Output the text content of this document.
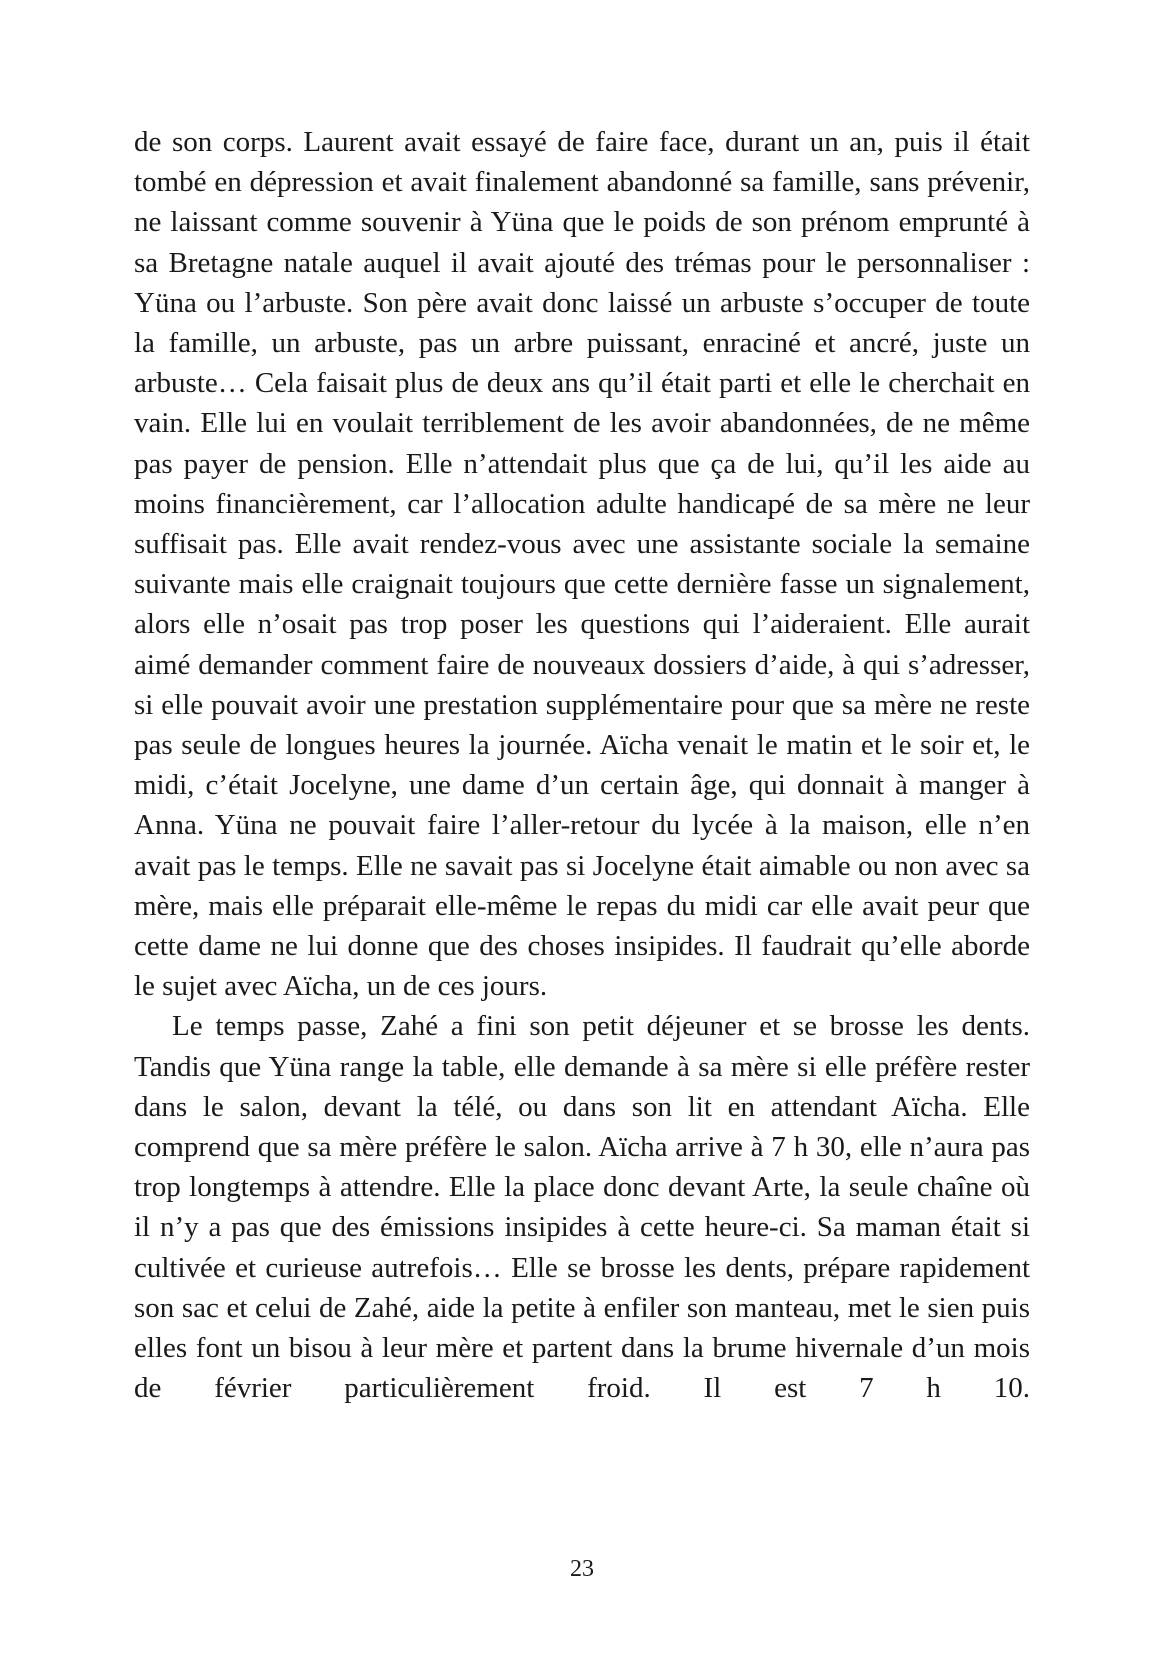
de son corps. Laurent avait essayé de faire face, durant un an, puis il était tombé en dépression et avait finalement abandonné sa famille, sans prévenir, ne laissant comme souvenir à Yüna que le poids de son prénom emprunté à sa Bretagne natale auquel il avait ajouté des trémas pour le personnaliser : Yüna ou l’arbuste. Son père avait donc laissé un arbuste s’occuper de toute la famille, un arbuste, pas un arbre puissant, enraciné et ancré, juste un arbuste… Cela faisait plus de deux ans qu’il était parti et elle le cherchait en vain. Elle lui en voulait terriblement de les avoir abandonnées, de ne même pas payer de pension. Elle n’attendait plus que ça de lui, qu’il les aide au moins financièrement, car l’allocation adulte handicapé de sa mère ne leur suffisait pas. Elle avait rendez-vous avec une assistante sociale la semaine suivante mais elle craignait toujours que cette dernière fasse un signalement, alors elle n’osait pas trop poser les questions qui l’aideraient. Elle aurait aimé demander comment faire de nouveaux dossiers d’aide, à qui s’adresser, si elle pouvait avoir une prestation supplémentaire pour que sa mère ne reste pas seule de longues heures la journée. Aïcha venait le matin et le soir et, le midi, c’était Jocelyne, une dame d’un certain âge, qui donnait à manger à Anna. Yüna ne pouvait faire l’aller-retour du lycée à la maison, elle n’en avait pas le temps. Elle ne savait pas si Jocelyne était aimable ou non avec sa mère, mais elle préparait elle-même le repas du midi car elle avait peur que cette dame ne lui donne que des choses insipides. Il faudrait qu’elle aborde le sujet avec Aïcha, un de ces jours.

Le temps passe, Zahé a fini son petit déjeuner et se brosse les dents. Tandis que Yüna range la table, elle demande à sa mère si elle préfère rester dans le salon, devant la télé, ou dans son lit en attendant Aïcha. Elle comprend que sa mère préfère le salon. Aïcha arrive à 7 h 30, elle n’aura pas trop longtemps à attendre. Elle la place donc devant Arte, la seule chaîne où il n’y a pas que des émissions insipides à cette heure-ci. Sa maman était si cultivée et curieuse autrefois… Elle se brosse les dents, prépare rapidement son sac et celui de Zahé, aide la petite à enfiler son manteau, met le sien puis elles font un bisou à leur mère et partent dans la brume hivernale d’un mois de février particulièrement froid. Il est 7 h 10.

23
